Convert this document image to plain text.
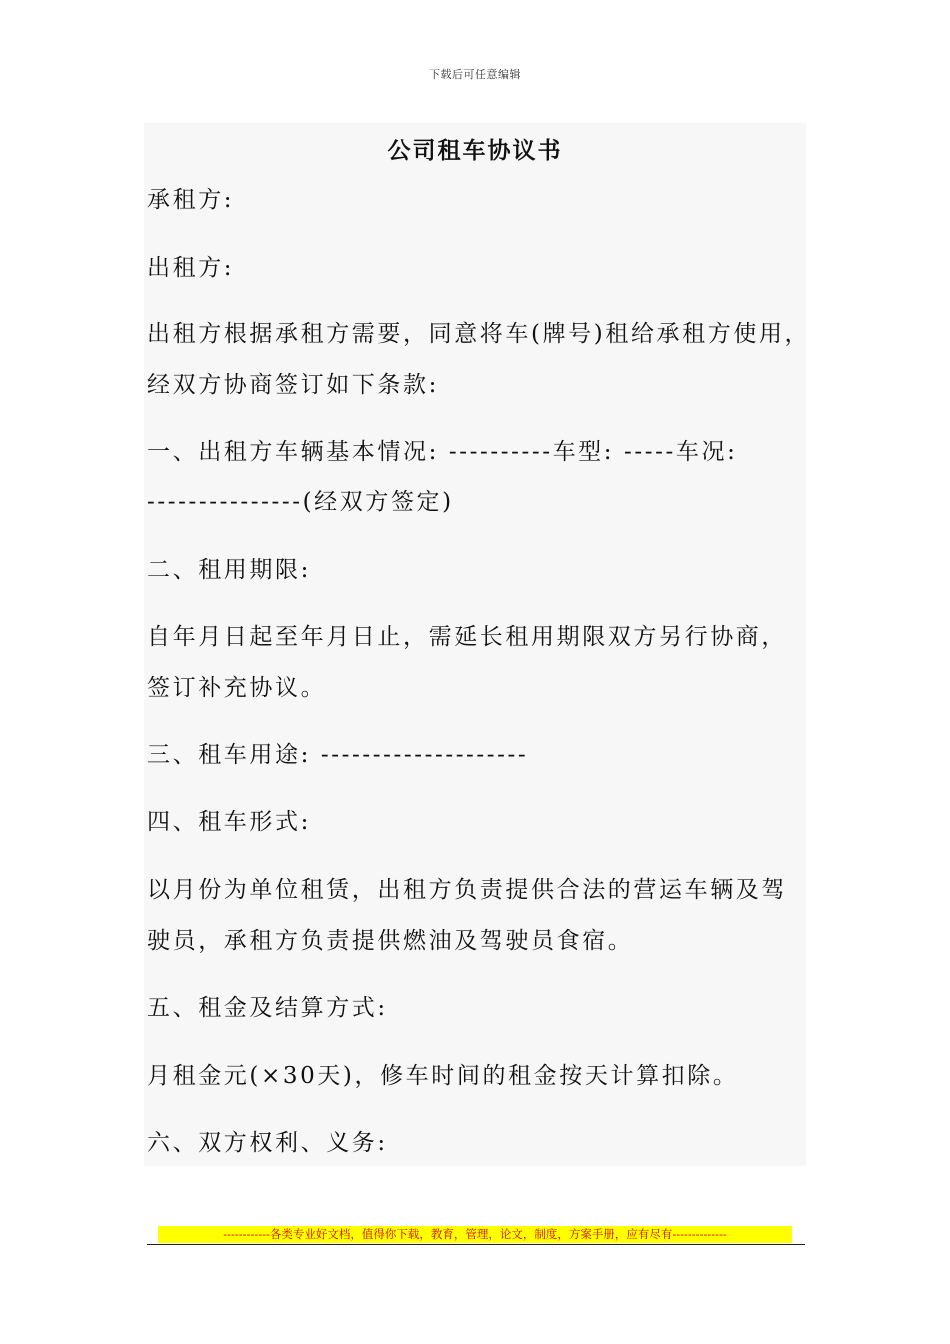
下载后可任意编辑
公司租车协议书
承租方:
出租方:
出租方根据承租方需要，同意将车(牌号)租给承租方使用，
经双方协商签订如下条款:
一、出租方车辆基本情况: ----------车型: -----车况:
---------------(经双方签定)
二、租用期限:
自年月日起至年月日止，需延长租用期限双方另行协商，
签订补充协议。
三、租车用途: --------------------
四、租车形式:
以月份为单位租赁，出租方负责提供合法的营运车辆及驾
驶员，承租方负责提供燃油及驾驶员食宿。
五、租金及结算方式:
月租金元(×30天)，修车时间的租金按天计算扣除。
六、双方权利、义务:
------------各类专业好文档，值得你下载，教育，管理，论文，制度，方案手册，应有尽有--------------
